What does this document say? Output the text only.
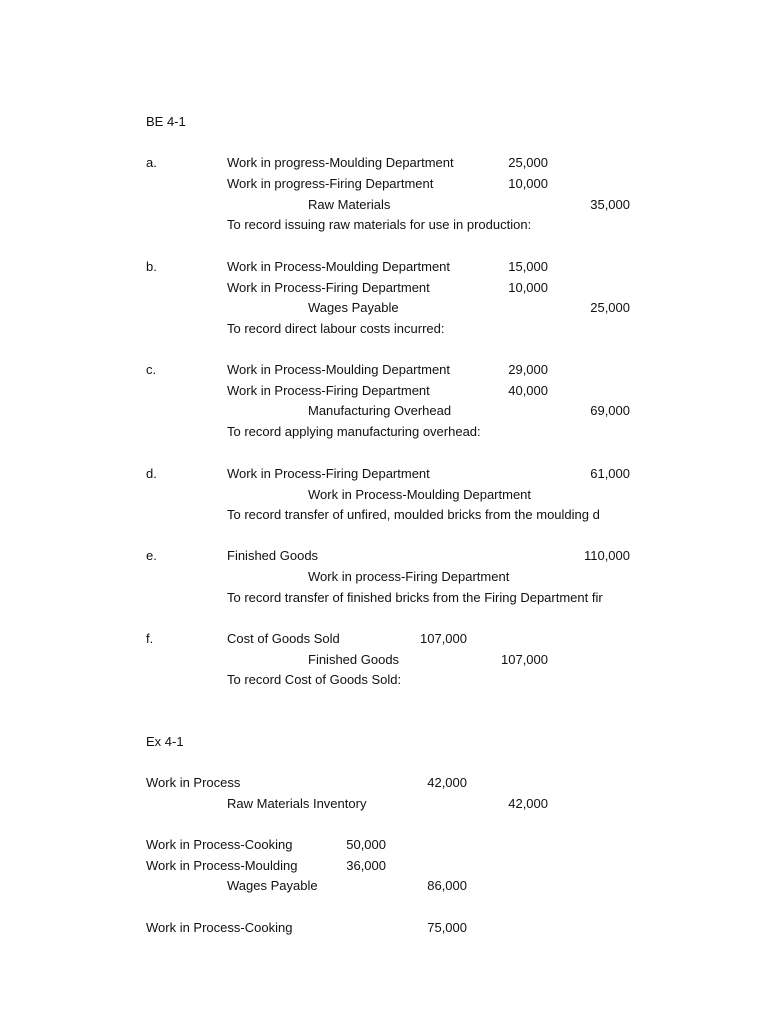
BE 4-1
a.	Work in progress-Moulding Department	25,000
Work in progress-Firing Department	10,000
Raw Materials	35,000
To record issuing raw materials for use in production:
b.	Work in Process-Moulding Department	15,000
Work in Process-Firing Department	10,000
Wages Payable	25,000
To record direct labour costs incurred:
c.	Work in Process-Moulding Department	29,000
Work in Process-Firing Department	40,000
Manufacturing Overhead	69,000
To record applying manufacturing overhead:
d.	Work in Process-Firing Department	61,000
Work in Process-Moulding Department
To record transfer of unfired, moulded bricks from the moulding d
e.	Finished Goods	110,000
Work in process-Firing Department
To record transfer of finished bricks from the Firing Department fir
f.	Cost of Goods Sold	107,000
Finished Goods	107,000
To record Cost of Goods Sold:
Ex 4-1
Work in Process	42,000
Raw Materials Inventory	42,000
Work in Process-Cooking	50,000
Work in Process-Moulding	36,000
Wages Payable	86,000
Work in Process-Cooking	75,000
